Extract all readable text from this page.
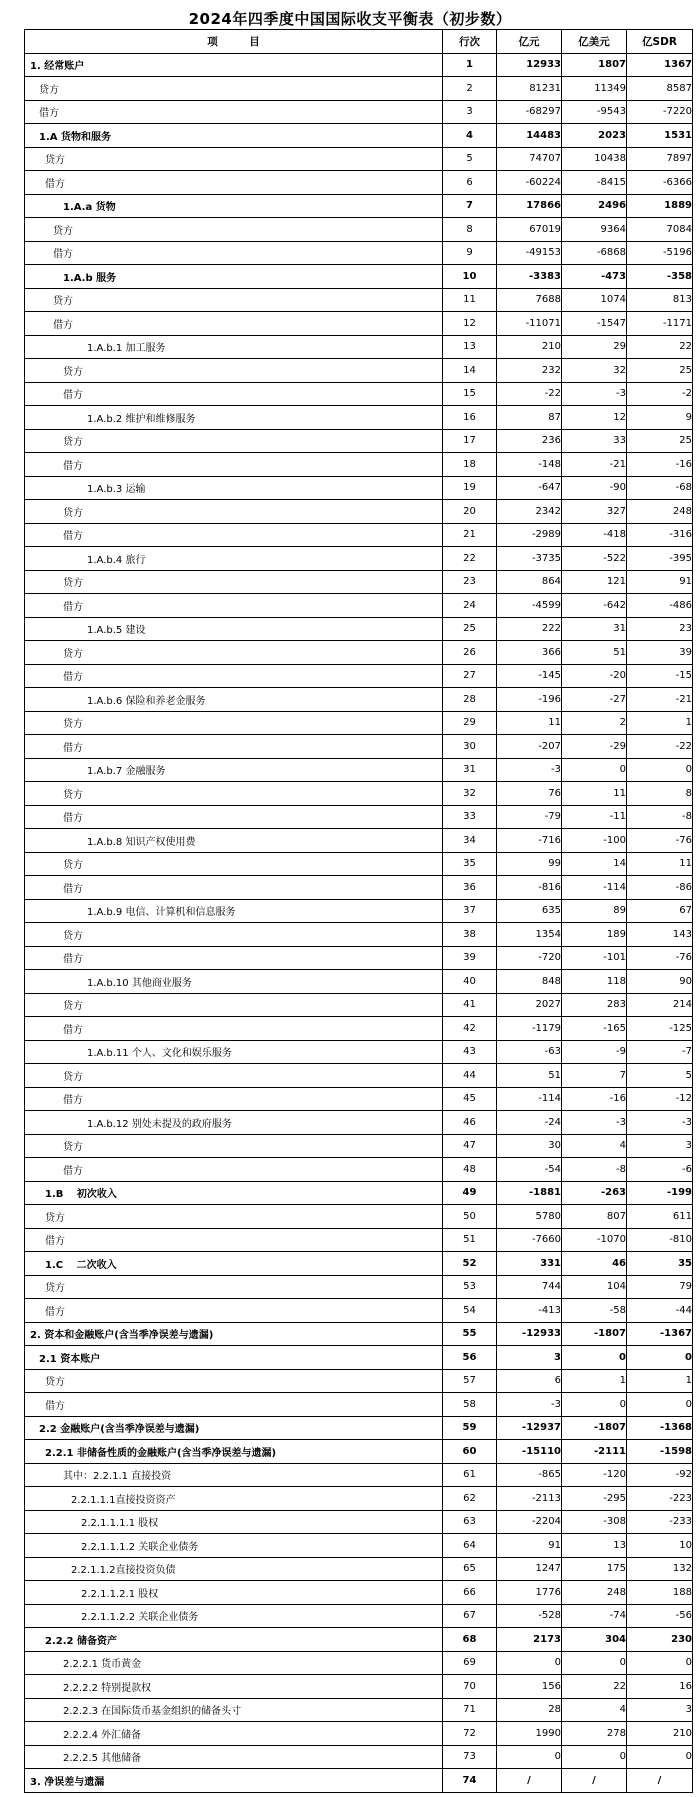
2024年四季度中国国际收支平衡表（初步数）
项　　　目	行次	亿元	亿美元	亿SDR
1. 经常账户	1	12933	1807	1367
贷方	2	81231	11349	8587
借方	3	-68297	-9543	-7220
1.A 货物和服务	4	14483	2023	1531
贷方	5	74707	10438	7897
借方	6	-60224	-8415	-6366
1.A.a 货物	7	17866	2496	1889
贷方	8	67019	9364	7084
借方	9	-49153	-6868	-5196
1.A.b 服务	10	-3383	-473	-358
贷方	11	7688	1074	813
借方	12	-11071	-1547	-1171
1.A.b.1 加工服务	13	210	29	22
贷方	14	232	32	25
借方	15	-22	-3	-2
1.A.b.2 维护和维修服务	16	87	12	9
贷方	17	236	33	25
借方	18	-148	-21	-16
1.A.b.3 运输	19	-647	-90	-68
贷方	20	2342	327	248
借方	21	-2989	-418	-316
1.A.b.4 旅行	22	-3735	-522	-395
贷方	23	864	121	91
借方	24	-4599	-642	-486
1.A.b.5 建设	25	222	31	23
贷方	26	366	51	39
借方	27	-145	-20	-15
1.A.b.6 保险和养老金服务	28	-196	-27	-21
贷方	29	11	2	1
借方	30	-207	-29	-22
1.A.b.7 金融服务	31	-3	0	0
贷方	32	76	11	8
借方	33	-79	-11	-8
1.A.b.8 知识产权使用费	34	-716	-100	-76
贷方	35	99	14	11
借方	36	-816	-114	-86
1.A.b.9 电信、计算机和信息服务	37	635	89	67
贷方	38	1354	189	143
借方	39	-720	-101	-76
1.A.b.10 其他商业服务	40	848	118	90
贷方	41	2027	283	214
借方	42	-1179	-165	-125
1.A.b.11 个人、文化和娱乐服务	43	-63	-9	-7
贷方	44	51	7	5
借方	45	-114	-16	-12
1.A.b.12 别处未提及的政府服务	46	-24	-3	-3
贷方	47	30	4	3
借方	48	-54	-8	-6
1.B　 初次收入	49	-1881	-263	-199
贷方	50	5780	807	611
借方	51	-7660	-1070	-810
1.C　 二次收入	52	331	46	35
贷方	53	744	104	79
借方	54	-413	-58	-44
2. 资本和金融账户(含当季净误差与遗漏)	55	-12933	-1807	-1367
2.1 资本账户	56	3	0	0
贷方	57	6	1	1
借方	58	-3	0	0
2.2 金融账户(含当季净误差与遗漏)	59	-12937	-1807	-1368
2.2.1 非储备性质的金融账户(含当季净误差与遗漏)	60	-15110	-2111	-1598
其中：2.2.1.1 直接投资	61	-865	-120	-92
2.2.1.1.1直接投资资产	62	-2113	-295	-223
2.2.1.1.1.1 股权	63	-2204	-308	-233
2.2.1.1.1.2 关联企业债务	64	91	13	10
2.2.1.1.2直接投资负债	65	1247	175	132
2.2.1.1.2.1 股权	66	1776	248	188
2.2.1.1.2.2 关联企业债务	67	-528	-74	-56
2.2.2 储备资产	68	2173	304	230
2.2.2.1 货币黄金	69	0	0	0
2.2.2.2 特别提款权	70	156	22	16
2.2.2.3 在国际货币基金组织的储备头寸	71	28	4	3
2.2.2.4 外汇储备	72	1990	278	210
2.2.2.5 其他储备	73	0	0	0
3. 净误差与遗漏	74	/	/	/
